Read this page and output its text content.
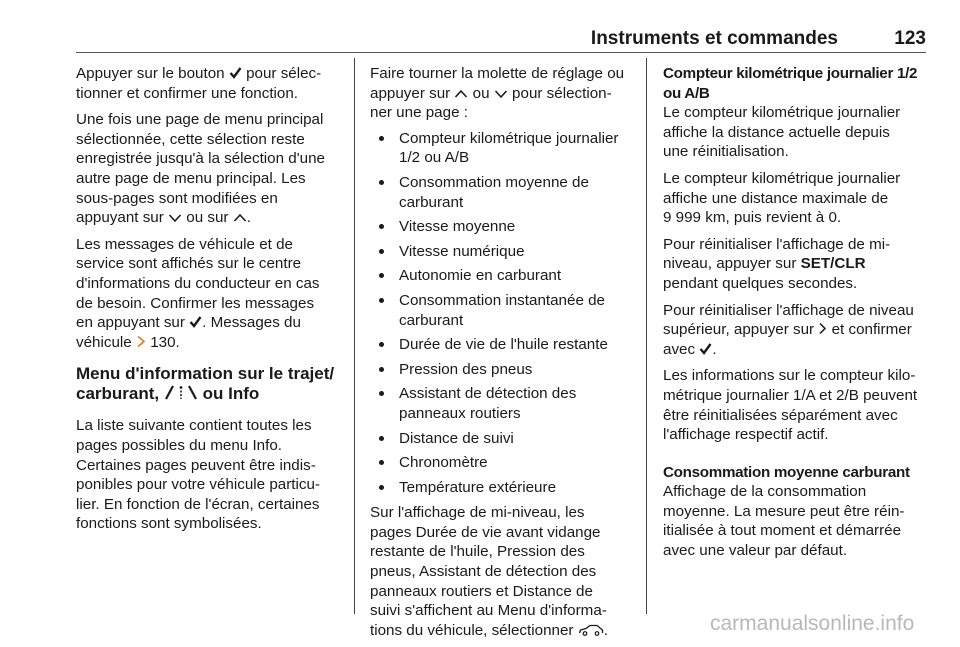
Instruments et commandes	123

Appuyer sur le bouton pour sélec-
tionner et confirmer une fonction.

Une fois une page de menu principal
sélectionnée, cette sélection reste
enregistrée jusqu'à la sélection d'une
autre page de menu principal. Les
sous-pages sont modifiées en
appuyant sur ou sur .

Les messages de véhicule et de
service sont affichés sur le centre
d'informations du conducteur en cas
de besoin. Confirmer les messages
en appuyant sur . Messages du
véhicule 130.

Menu d'information sur le trajet/
carburant,	ou Info

La liste suivante contient toutes les
pages possibles du menu Info.
Certaines pages peuvent être indis-
ponibles pour votre véhicule particu-
lier. En fonction de l'écran, certaines
fonctions sont symbolisées.

Faire tourner la molette de réglage ou
appuyer sur ou pour sélection-
ner une page :

Compteur kilométrique journalier
1/2 ou A/B
Consommation moyenne de
carburant
Vitesse moyenne
Vitesse numérique
Autonomie en carburant
Consommation instantanée de
carburant
Durée de vie de l'huile restante
Pression des pneus
Assistant de détection des
panneaux routiers
Distance de suivi
Chronomètre
Température extérieure

Sur l'affichage de mi-niveau, les
pages Durée de vie avant vidange
restante de l'huile, Pression des
pneus, Assistant de détection des
panneaux routiers et Distance de
suivi s'affichent au Menu d'informa-
tions du véhicule, sélectionner .

Compteur kilométrique journalier 1/2
ou A/B

Le compteur kilométrique journalier
affiche la distance actuelle depuis
une réinitialisation.

Le compteur kilométrique journalier
affiche une distance maximale de
9 999 km, puis revient à 0.

Pour réinitialiser l'affichage de mi-
niveau, appuyer sur SET/CLR
pendant quelques secondes.

Pour réinitialiser l'affichage de niveau
supérieur, appuyer sur et confirmer
avec .

Les informations sur le compteur kilo-
métrique journalier 1/A et 2/B peuvent
être réinitialisées séparément avec
l'affichage respectif actif.

Consommation moyenne carburant

Affichage de la consommation
moyenne. La mesure peut être réin-
itialisée à tout moment et démarrée
avec une valeur par défaut.

carmanualsonline.info
